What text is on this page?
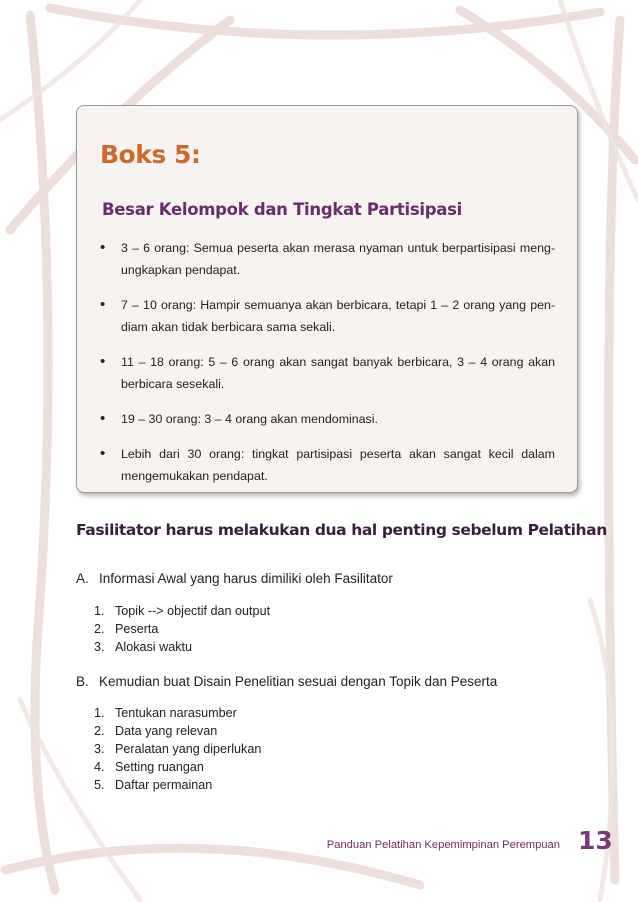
Boks 5:
Besar Kelompok dan Tingkat Partisipasi
• 3 – 6 orang: Semua peserta akan merasa nyaman untuk berpartisipasi meng-ungkapkan pendapat.
• 7 – 10 orang: Hampir semuanya akan berbicara, tetapi 1 – 2 orang yang pen-diam akan tidak berbicara sama sekali.
• 11 – 18 orang: 5 – 6 orang akan sangat banyak berbicara, 3 – 4 orang akan berbicara sesekali.
• 19 – 30 orang: 3 – 4 orang akan mendominasi.
• Lebih dari 30 orang: tingkat partisipasi peserta akan sangat kecil dalam mengemukakan pendapat.
Fasilitator harus melakukan dua hal penting sebelum Pelatihan
A. Informasi Awal yang harus dimiliki oleh Fasilitator
1. Topik --> objectif dan output
2. Peserta
3. Alokasi waktu
B. Kemudian buat Disain Penelitian sesuai dengan Topik dan Peserta
1. Tentukan narasumber
2. Data yang relevan
3. Peralatan yang diperlukan
4. Setting ruangan
5. Daftar permainan
Panduan Pelatihan Kepemimpinan Perempuan 13
